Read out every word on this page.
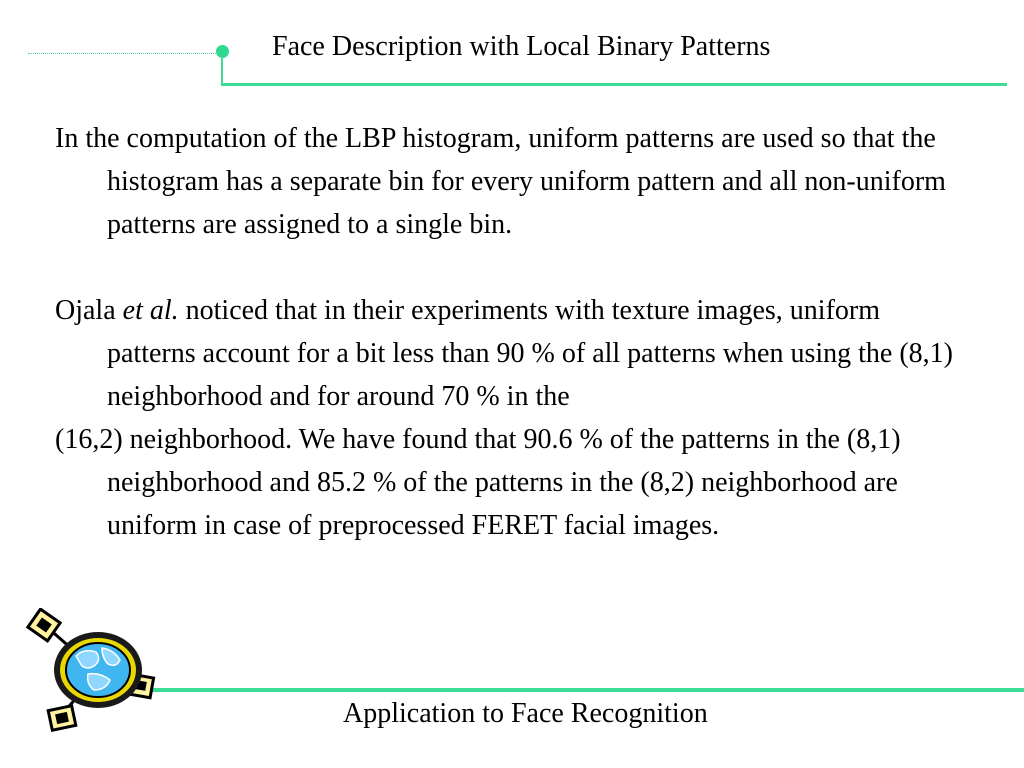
Face Description with Local Binary Patterns

In the computation of the LBP histogram, uniform patterns are used so that the histogram has a separate bin for every uniform pattern and all non-uniform patterns are assigned to a single bin.

Ojala et al. noticed that in their experiments with texture images, uniform patterns account for a bit less than 90 % of all patterns when using the (8,1) neighborhood and for around 70 % in the

(16,2) neighborhood. We have found that 90.6 % of the patterns in the (8,1) neighborhood and 85.2 % of the patterns in the (8,2) neighborhood are uniform in case of preprocessed FERET facial images.

Application to Face Recognition
